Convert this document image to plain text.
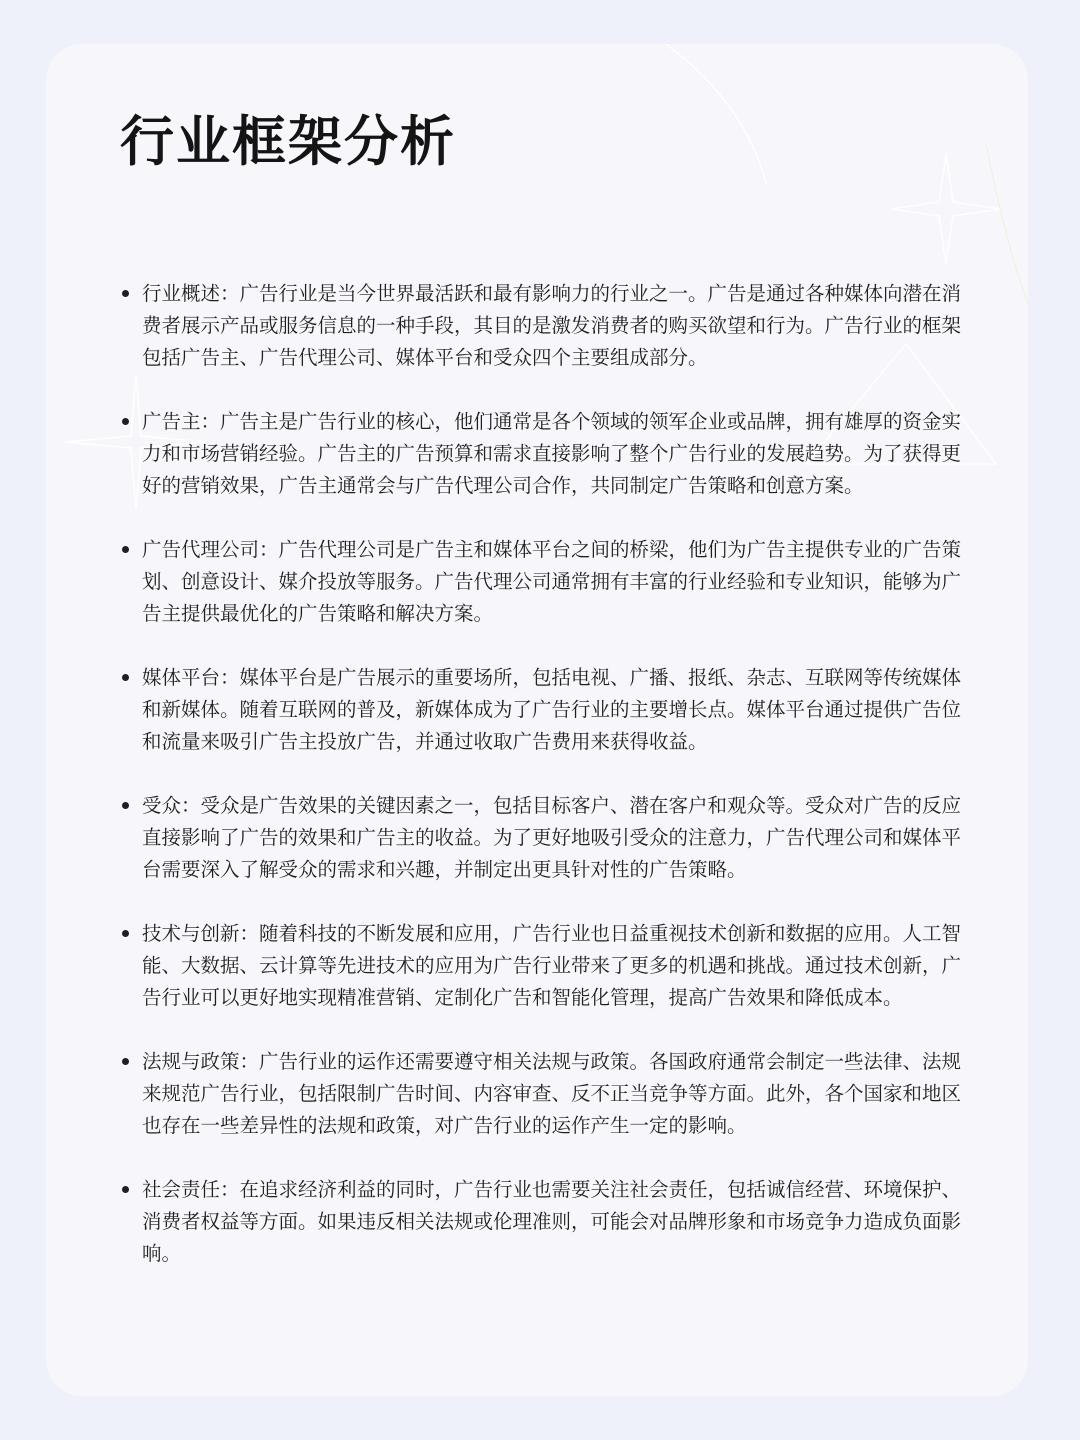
行业框架分析
行业概述：广告行业是当今世界最活跃和最有影响力的行业之一。广告是通过各种媒体向潜在消费者展示产品或服务信息的一种手段，其目的是激发消费者的购买欲望和行为。广告行业的框架包括广告主、广告代理公司、媒体平台和受众四个主要组成部分。
广告主：广告主是广告行业的核心，他们通常是各个领域的领军企业或品牌，拥有雄厚的资金实力和市场营销经验。广告主的广告预算和需求直接影响了整个广告行业的发展趋势。为了获得更好的营销效果，广告主通常会与广告代理公司合作，共同制定广告策略和创意方案。
广告代理公司：广告代理公司是广告主和媒体平台之间的桥梁，他们为广告主提供专业的广告策划、创意设计、媒介投放等服务。广告代理公司通常拥有丰富的行业经验和专业知识，能够为广告主提供最优化的广告策略和解决方案。
媒体平台：媒体平台是广告展示的重要场所，包括电视、广播、报纸、杂志、互联网等传统媒体和新媒体。随着互联网的普及，新媒体成为了广告行业的主要增长点。媒体平台通过提供广告位和流量来吸引广告主投放广告，并通过收取广告费用来获得收益。
受众：受众是广告效果的关键因素之一，包括目标客户、潜在客户和观众等。受众对广告的反应直接影响了广告的效果和广告主的收益。为了更好地吸引受众的注意力，广告代理公司和媒体平台需要深入了解受众的需求和兴趣，并制定出更具针对性的广告策略。
技术与创新：随着科技的不断发展和应用，广告行业也日益重视技术创新和数据的应用。人工智能、大数据、云计算等先进技术的应用为广告行业带来了更多的机遇和挑战。通过技术创新，广告行业可以更好地实现精准营销、定制化广告和智能化管理，提高广告效果和降低成本。
法规与政策：广告行业的运作还需要遵守相关法规与政策。各国政府通常会制定一些法律、法规来规范广告行业，包括限制广告时间、内容审查、反不正当竞争等方面。此外，各个国家和地区也存在一些差异性的法规和政策，对广告行业的运作产生一定的影响。
社会责任：在追求经济利益的同时，广告行业也需要关注社会责任，包括诚信经营、环境保护、消费者权益等方面。如果违反相关法规或伦理准则，可能会对品牌形象和市场竞争力造成负面影响。
